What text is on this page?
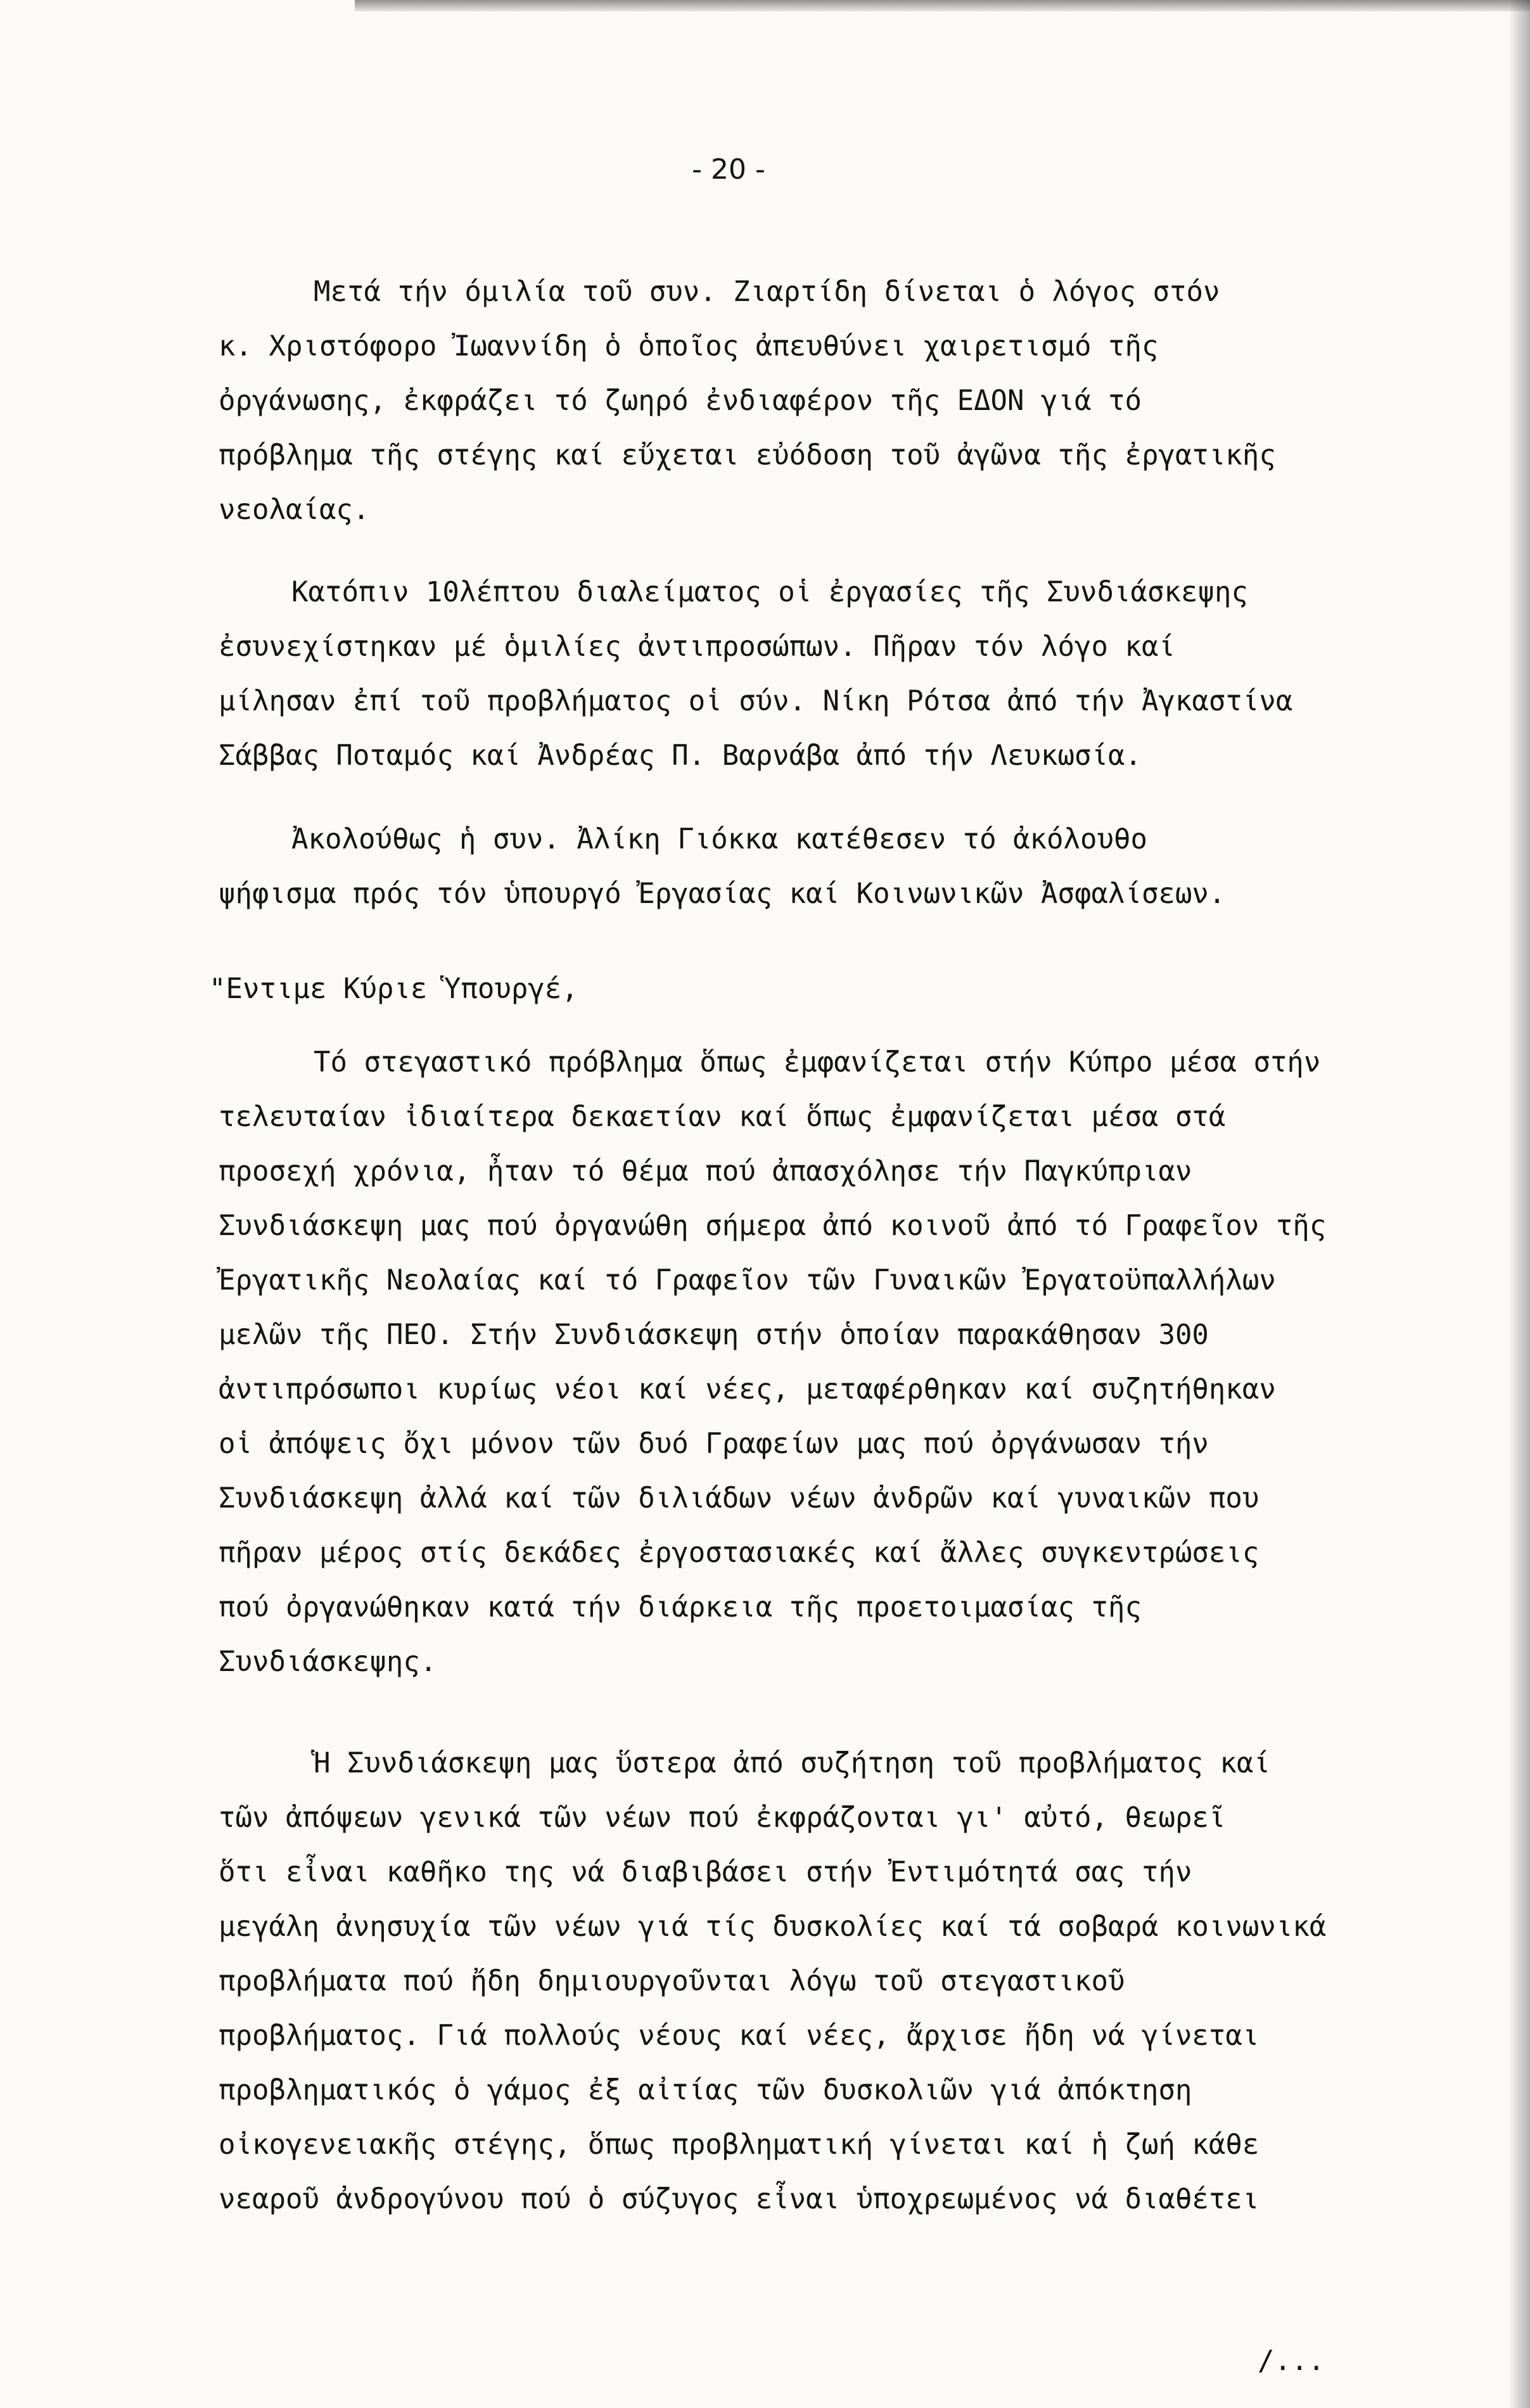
- 20 -
Μετά τήν όμιλία τοῦ συν. Ζιαρτίδη δίνεται ὁ λόγος στόν
κ. Χριστόφορο Ἰωαννίδη ὁ ὁποῖος ἀπευθύνει χαιρετισμό τῆς
ὀργάνωσης, ἐκφράζει τό ζωηρό ἐνδιαφέρον τῆς ΕΔΟΝ γιά τό
πρόβλημα τῆς στέγης καί εὔχεται εὐόδοση τοῦ ἀγῶνα τῆς ἐργατικῆς
νεολαίας.
Κατόπιν 10λέπτου διαλείματος οἱ ἐργασίες τῆς Συνδιάσκεψης
ἐσυνεχίστηκαν μέ ὁμιλίες ἀντιπροσώπων. Πῆραν τόν λόγο καί
μίλησαν ἐπί τοῦ προβλήματος οἱ σύν. Νίκη Ρότσα ἀπό τήν Ἀγκαστίνα
Σάββας Ποταμός καί Ἀνδρέας Π. Βαρνάβα ἀπό τήν Λευκωσία.
Ἀκολούθως ἡ συν. Ἀλίκη Γιόκκα κατέθεσεν τό ἀκόλουθο
ψήφισμα πρός τόν ὑπουργό Ἐργασίας καί Κοινωνικῶν Ἀσφαλίσεων.
"Εντιμε Κύριε Ὑπουργέ,
Τό στεγαστικό πρόβλημα ὅπως ἐμφανίζεται στήν Κύπρο μέσα στήν
τελευταίαν ἰδιαίτερα δεκαετίαν καί ὅπως ἐμφανίζεται μέσα στά
προσεχή χρόνια, ἦταν τό θέμα πού ἀπασχόλησε τήν Παγκύπριαν
Συνδιάσκεψη μας πού ὀργανώθη σήμερα ἀπό κοινοῦ ἀπό τό Γραφεῖον τῆς
Ἐργατικῆς Νεολαίας καί τό Γραφεῖον τῶν Γυναικῶν Ἐργατοϋπαλλήλων
μελῶν τῆς ΠΕΟ. Στήν Συνδιάσκεψη στήν ὁποίαν παρακάθησαν 300
ἀντιπρόσωποι κυρίως νέοι καί νέες, μεταφέρθηκαν καί συζητήθηκαν
οἱ ἀπόψεις ὄχι μόνον τῶν δυό Γραφείων μας πού ὀργάνωσαν τήν
Συνδιάσκεψη ἀλλά καί τῶν διλιάδων νέων ἀνδρῶν καί γυναικῶν που
πῆραν μέρος στίς δεκάδες ἐργοστασιακές καί ἄλλες συγκεντρώσεις
πού ὀργανώθηκαν κατά τήν διάρκεια τῆς προετοιμασίας τῆς
Συνδιάσκεψης.
Ἡ Συνδιάσκεψη μας ὕστερα ἀπό συζήτηση τοῦ προβλήματος καί
τῶν ἀπόψεων γενικά τῶν νέων πού ἐκφράζονται γι' αὐτό, θεωρεῖ
ὅτι εἶναι καθῆκο της νά διαβιβάσει στήν Ἐντιμότητά σας τήν
μεγάλη ἀνησυχία τῶν νέων γιά τίς δυσκολίες καί τά σοβαρά κοινωνικά
προβλήματα πού ἤδη δημιουργοῦνται λόγω τοῦ στεγαστικοῦ
προβλήματος. Γιά πολλούς νέους καί νέες, ἄρχισε ἤδη νά γίνεται
προβληματικός ὁ γάμος ἐξ αἰτίας τῶν δυσκολιῶν γιά ἀπόκτηση
οἰκογενειακῆς στέγης, ὅπως προβληματική γίνεται καί ἡ ζωή κάθε
νεαροῦ ἀνδρογύνου πού ὁ σύζυγος εἶναι ὑποχρεωμένος νά διαθέτει
/...
